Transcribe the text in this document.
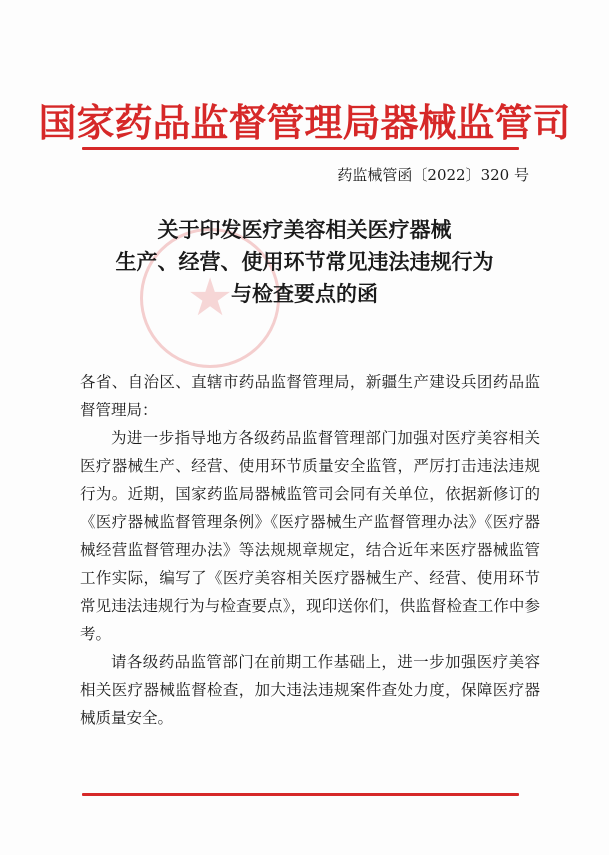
★
国家药品监督管理局器械监管司
药监械管函〔2022〕320 号
关于印发医疗美容相关医疗器械
生产、经营、使用环节常见违法违规行为
与检查要点的函

各省、自治区、直辖市药品监督管理局，新疆生产建设兵团药品监督管理局：

为进一步指导地方各级药品监督管理部门加强对医疗美容相关医疗器械生产、经营、使用环节质量安全监管，严厉打击违法违规行为。近期，国家药监局器械监管司会同有关单位，依据新修订的《医疗器械监督管理条例》《医疗器械生产监督管理办法》《医疗器械经营监督管理办法》等法规规章规定，结合近年来医疗器械监管工作实际，编写了《医疗美容相关医疗器械生产、经营、使用环节常见违法违规行为与检查要点》，现印送你们，供监督检查工作中参考。

请各级药品监管部门在前期工作基础上，进一步加强医疗美容相关医疗器械监督检查，加大违法违规案件查处力度，保障医疗器械质量安全。
